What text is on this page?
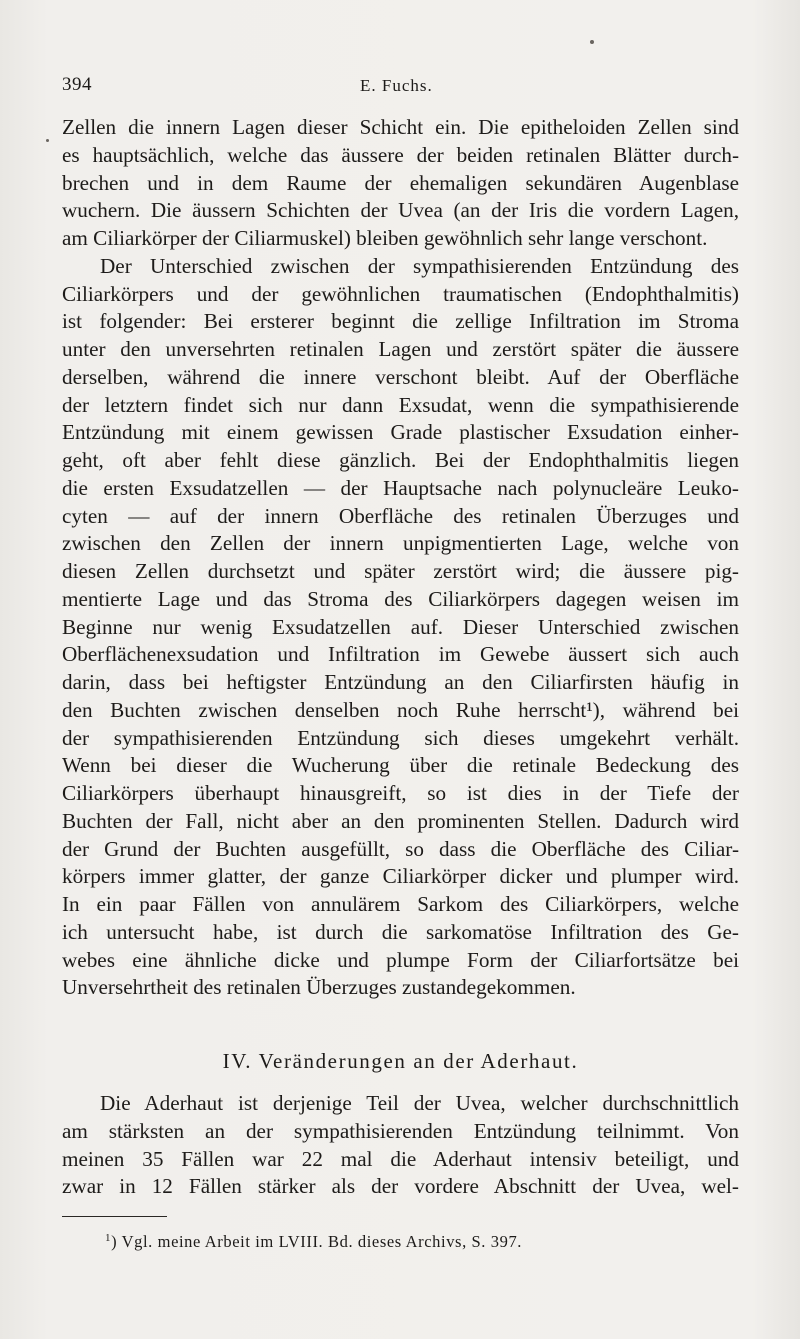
394	E. Fuchs.
Zellen die innern Lagen dieser Schicht ein. Die epitheloiden Zellen sind
es hauptsächlich, welche das äussere der beiden retinalen Blätter durch-
brechen und in dem Raume der ehemaligen sekundären Augenblase
wuchern. Die äussern Schichten der Uvea (an der Iris die vordern Lagen,
am Ciliarkörper der Ciliarmuskel) bleiben gewöhnlich sehr lange verschont.
Der Unterschied zwischen der sympathisierenden Entzündung des
Ciliarkörpers und der gewöhnlichen traumatischen (Endophthalmitis)
ist folgender: Bei ersterer beginnt die zellige Infiltration im Stroma
unter den unversehrten retinalen Lagen und zerstört später die äussere
derselben, während die innere verschont bleibt. Auf der Oberfläche
der letztern findet sich nur dann Exsudat, wenn die sympathisierende
Entzündung mit einem gewissen Grade plastischer Exsudation einher-
geht, oft aber fehlt diese gänzlich. Bei der Endophthalmitis liegen
die ersten Exsudatzellen — der Hauptsache nach polynucleäre Leuko-
cyten — auf der innern Oberfläche des retinalen Überzuges und
zwischen den Zellen der innern unpigmentierten Lage, welche von
diesen Zellen durchsetzt und später zerstört wird; die äussere pig-
mentierte Lage und das Stroma des Ciliarkörpers dagegen weisen im
Beginne nur wenig Exsudatzellen auf. Dieser Unterschied zwischen
Oberflächenexsudation und Infiltration im Gewebe äussert sich auch
darin, dass bei heftigster Entzündung an den Ciliarfirsten häufig in
den Buchten zwischen denselben noch Ruhe herrscht¹), während bei
der sympathisierenden Entzündung sich dieses umgekehrt verhält.
Wenn bei dieser die Wucherung über die retinale Bedeckung des
Ciliarkörpers überhaupt hinausgreift, so ist dies in der Tiefe der
Buchten der Fall, nicht aber an den prominenten Stellen. Dadurch wird
der Grund der Buchten ausgefüllt, so dass die Oberfläche des Ciliar-
körpers immer glatter, der ganze Ciliarkörper dicker und plumper wird.
In ein paar Fällen von annulärem Sarkom des Ciliarkörpers, welche
ich untersucht habe, ist durch die sarkomatöse Infiltration des Ge-
webes eine ähnliche dicke und plumpe Form der Ciliarfortsätze bei
Unversehrtheit des retinalen Überzuges zustandegekommen.
IV. Veränderungen an der Aderhaut.
Die Aderhaut ist derjenige Teil der Uvea, welcher durchschnittlich
am stärksten an der sympathisierenden Entzündung teilnimmt. Von
meinen 35 Fällen war 22 mal die Aderhaut intensiv beteiligt, und
zwar in 12 Fällen stärker als der vordere Abschnitt der Uvea, wel-
$^1$) Vgl. meine Arbeit im LVIII. Bd. dieses Archivs, S. 397.
